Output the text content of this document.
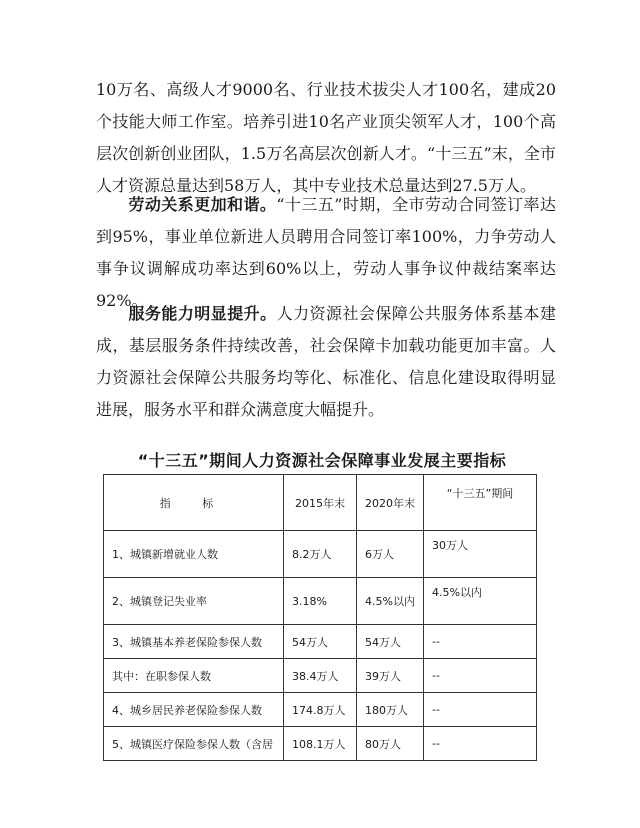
10万名、高级人才9000名、行业技术拔尖人才100名，建成20个技能大师工作室。培养引进10名产业顶尖领军人才，100个高层次创新创业团队，1.5万名高层次创新人才。“十三五”末，全市人才资源总量达到58万人，其中专业技术总量达到27.5万人。

劳动关系更加和谐。“十三五”时期，全市劳动合同签订率达到95%，事业单位新进人员聘用合同签订率100%，力争劳动人事争议调解成功率达到60%以上，劳动人事争议仲裁结案率达92%。

服务能力明显提升。人力资源社会保障公共服务体系基本建成，基层服务条件持续改善，社会保障卡加载功能更加丰富。人力资源社会保障公共服务均等化、标准化、信息化建设取得明显进展，服务水平和群众满意度大幅提升。

“十三五”期间人力资源社会保障事业发展主要指标
指 标	2015年末	2020年末	“十三五”期间
1、城镇新增就业人数	8.2万人	6万人	30万人
2、城镇登记失业率	3.18%	4.5%以内	4.5%以内
3、城镇基本养老保险参保人数	54万人	54万人	--
其中：在职参保人数	38.4万人	39万人	--
4、城乡居民养老保险参保人数	174.8万人	180万人	--
5、城镇医疗保险参保人数（含居	108.1万人	80万人	--
